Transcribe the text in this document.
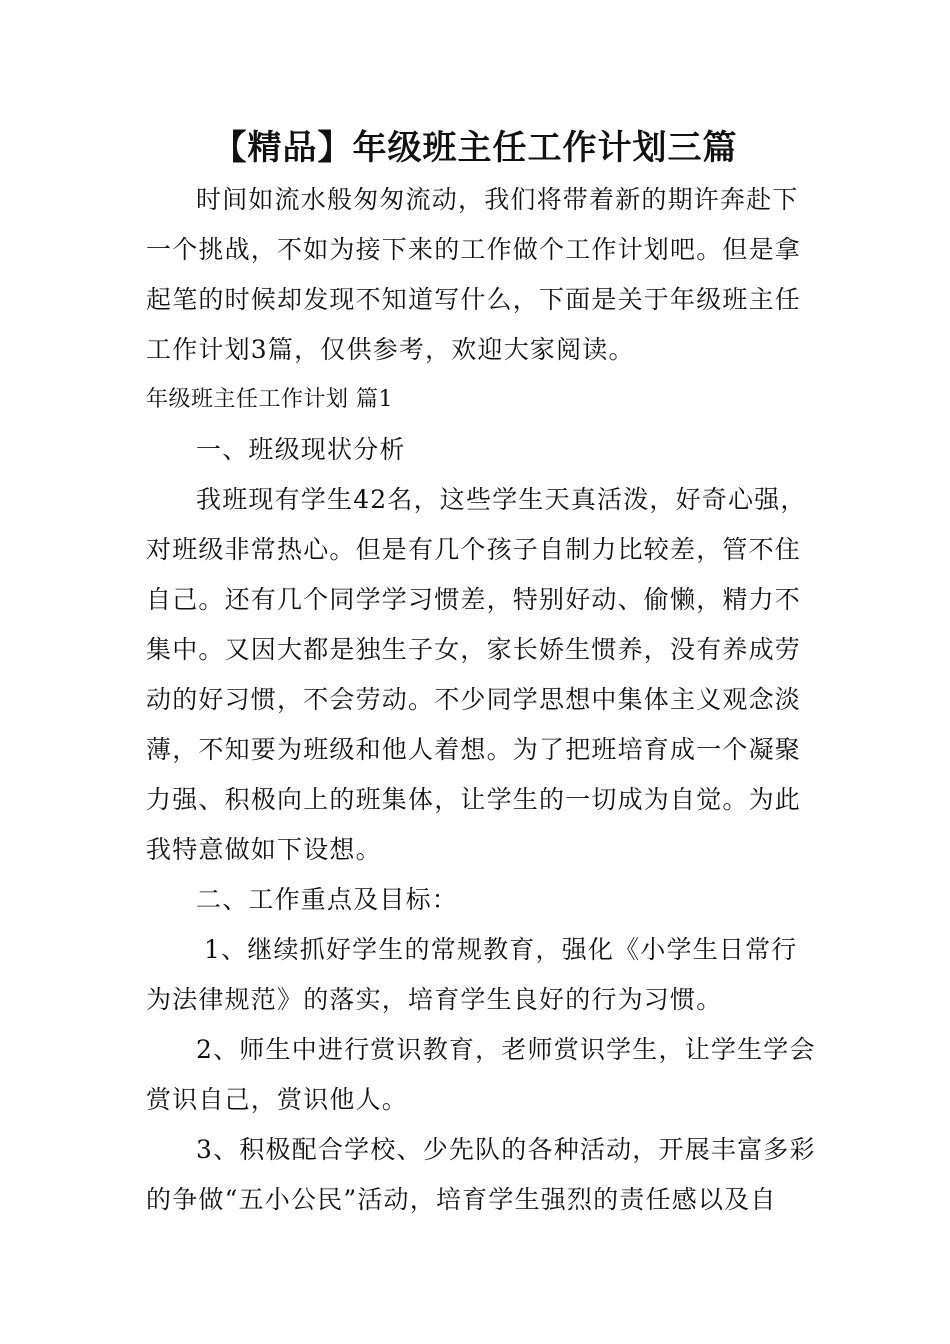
【精品】年级班主任工作计划三篇
时间如流水般匆匆流动，我们将带着新的期许奔赴下
一个挑战，不如为接下来的工作做个工作计划吧。但是拿
起笔的时候却发现不知道写什么，下面是关于年级班主任
工作计划3篇，仅供参考，欢迎大家阅读。
年级班主任工作计划 篇1
一、班级现状分析
我班现有学生42名，这些学生天真活泼，好奇心强，
对班级非常热心。但是有几个孩子自制力比较差，管不住
自己。还有几个同学学习惯差，特别好动、偷懒，精力不
集中。又因大都是独生子女，家长娇生惯养，没有养成劳
动的好习惯，不会劳动。不少同学思想中集体主义观念淡
薄，不知要为班级和他人着想。为了把班培育成一个凝聚
力强、积极向上的班集体，让学生的一切成为自觉。为此
我特意做如下设想。
二、工作重点及目标：
1、继续抓好学生的常规教育，强化《小学生日常行
为法律规范》的落实，培育学生良好的行为习惯。
2、师生中进行赏识教育，老师赏识学生，让学生学会
赏识自己，赏识他人。
3、积极配合学校、少先队的各种活动，开展丰富多彩
的争做“五小公民”活动，培育学生强烈的责任感以及自
